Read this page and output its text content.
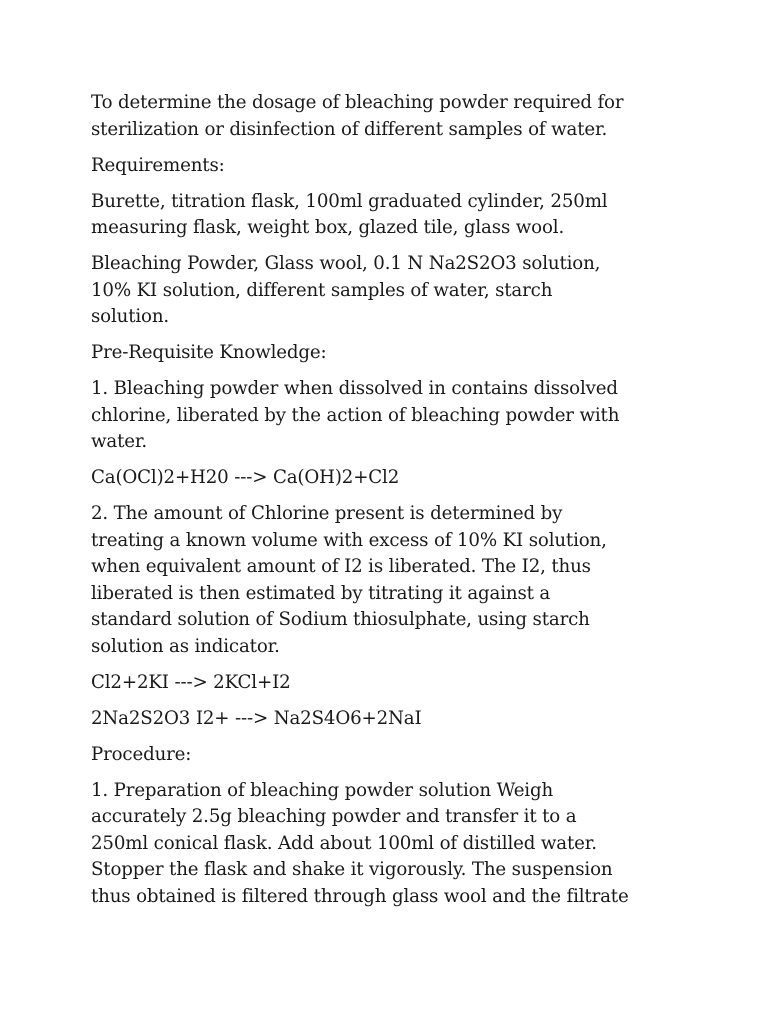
To determine the dosage of bleaching powder required for
sterilization or disinfection of different samples of water.

Requirements:

Burette, titration flask, 100ml graduated cylinder, 250ml
measuring flask, weight box, glazed tile, glass wool.

Bleaching Powder, Glass wool, 0.1 N Na2S2O3 solution,
10% KI solution, different samples of water, starch
solution.

Pre-Requisite Knowledge:

1. Bleaching powder when dissolved in contains dissolved
chlorine, liberated by the action of bleaching powder with
water.

Ca(OCl)2+H20 ---> Ca(OH)2+Cl2

2. The amount of Chlorine present is determined by
treating a known volume with excess of 10% KI solution,
when equivalent amount of I2 is liberated. The I2, thus
liberated is then estimated by titrating it against a
standard solution of Sodium thiosulphate, using starch
solution as indicator.

Cl2+2KI ---> 2KCl+I2

2Na2S2O3 I2+ ---> Na2S4O6+2NaI

Procedure:

1. Preparation of bleaching powder solution Weigh
accurately 2.5g bleaching powder and transfer it to a
250ml conical flask. Add about 100ml of distilled water.
Stopper the flask and shake it vigorously. The suspension
thus obtained is filtered through glass wool and the filtrate
